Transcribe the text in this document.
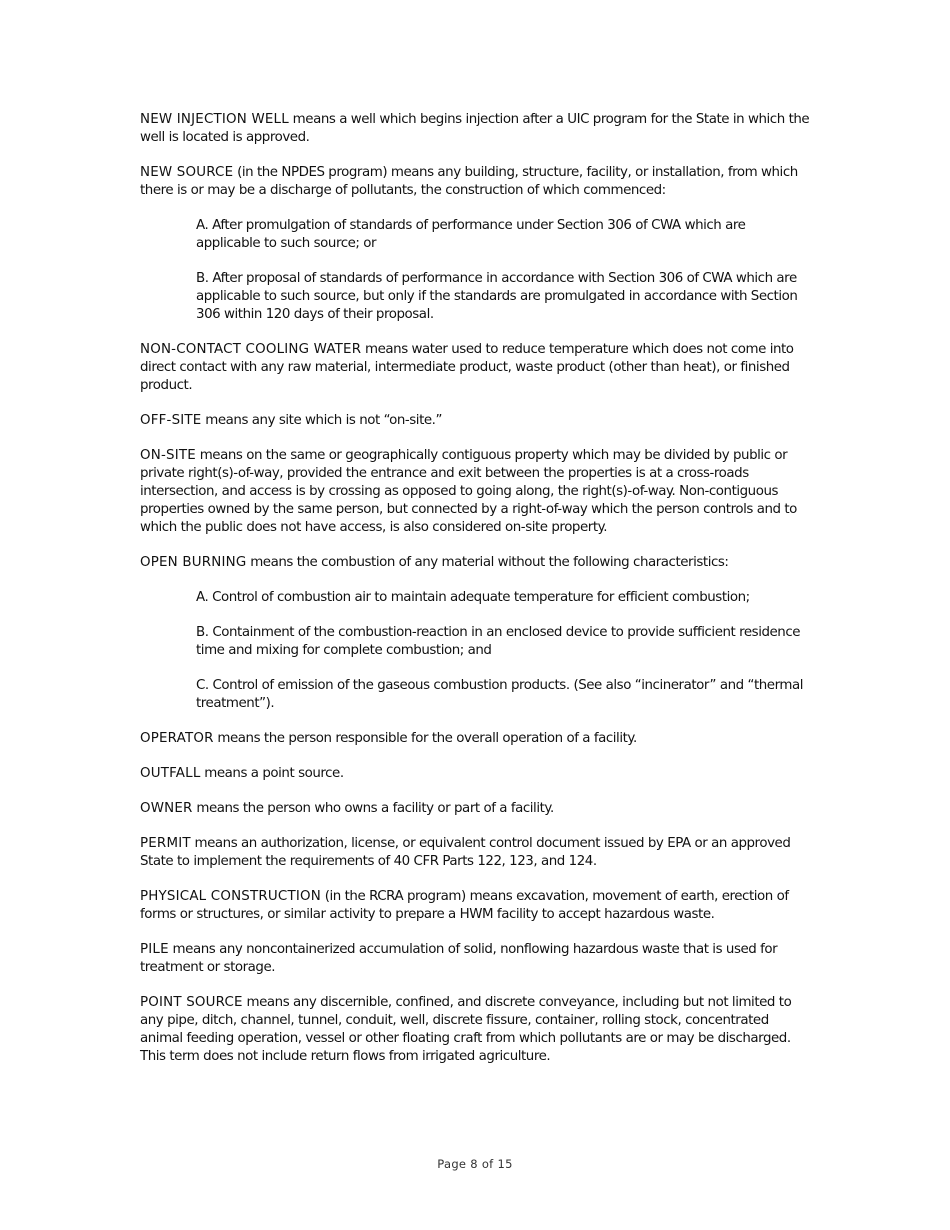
NEW INJECTION WELL means a well which begins injection after a UIC program for the State in which the well is located is approved.

NEW SOURCE (in the NPDES program) means any building, structure, facility, or installation, from which there is or may be a discharge of pollutants, the construction of which commenced:

A. After promulgation of standards of performance under Section 306 of CWA which are applicable to such source; or

B. After proposal of standards of performance in accordance with Section 306 of CWA which are applicable to such source, but only if the standards are promulgated in accordance with Section 306 within 120 days of their proposal.

NON-CONTACT COOLING WATER means water used to reduce temperature which does not come into direct contact with any raw material, intermediate product, waste product (other than heat), or finished product.

OFF-SITE means any site which is not “on-site.”

ON-SITE means on the same or geographically contiguous property which may be divided by public or private right(s)-of-way, provided the entrance and exit between the properties is at a cross-roads intersection, and access is by crossing as opposed to going along, the right(s)-of-way. Non-contiguous properties owned by the same person, but connected by a right-of-way which the person controls and to which the public does not have access, is also considered on-site property.

OPEN BURNING means the combustion of any material without the following characteristics:

A. Control of combustion air to maintain adequate temperature for efficient combustion;

B. Containment of the combustion-reaction in an enclosed device to provide sufficient residence time and mixing for complete combustion; and

C. Control of emission of the gaseous combustion products. (See also “incinerator” and “thermal treatment”).

OPERATOR means the person responsible for the overall operation of a facility.

OUTFALL means a point source.

OWNER means the person who owns a facility or part of a facility.

PERMIT means an authorization, license, or equivalent control document issued by EPA or an approved State to implement the requirements of 40 CFR Parts 122, 123, and 124.

PHYSICAL CONSTRUCTION (in the RCRA program) means excavation, movement of earth, erection of forms or structures, or similar activity to prepare a HWM facility to accept hazardous waste.

PILE means any noncontainerized accumulation of solid, nonflowing hazardous waste that is used for treatment or storage.

POINT SOURCE means any discernible, confined, and discrete conveyance, including but not limited to any pipe, ditch, channel, tunnel, conduit, well, discrete fissure, container, rolling stock, concentrated animal feeding operation, vessel or other floating craft from which pollutants are or may be discharged. This term does not include return flows from irrigated agriculture.

Page 8 of 15
